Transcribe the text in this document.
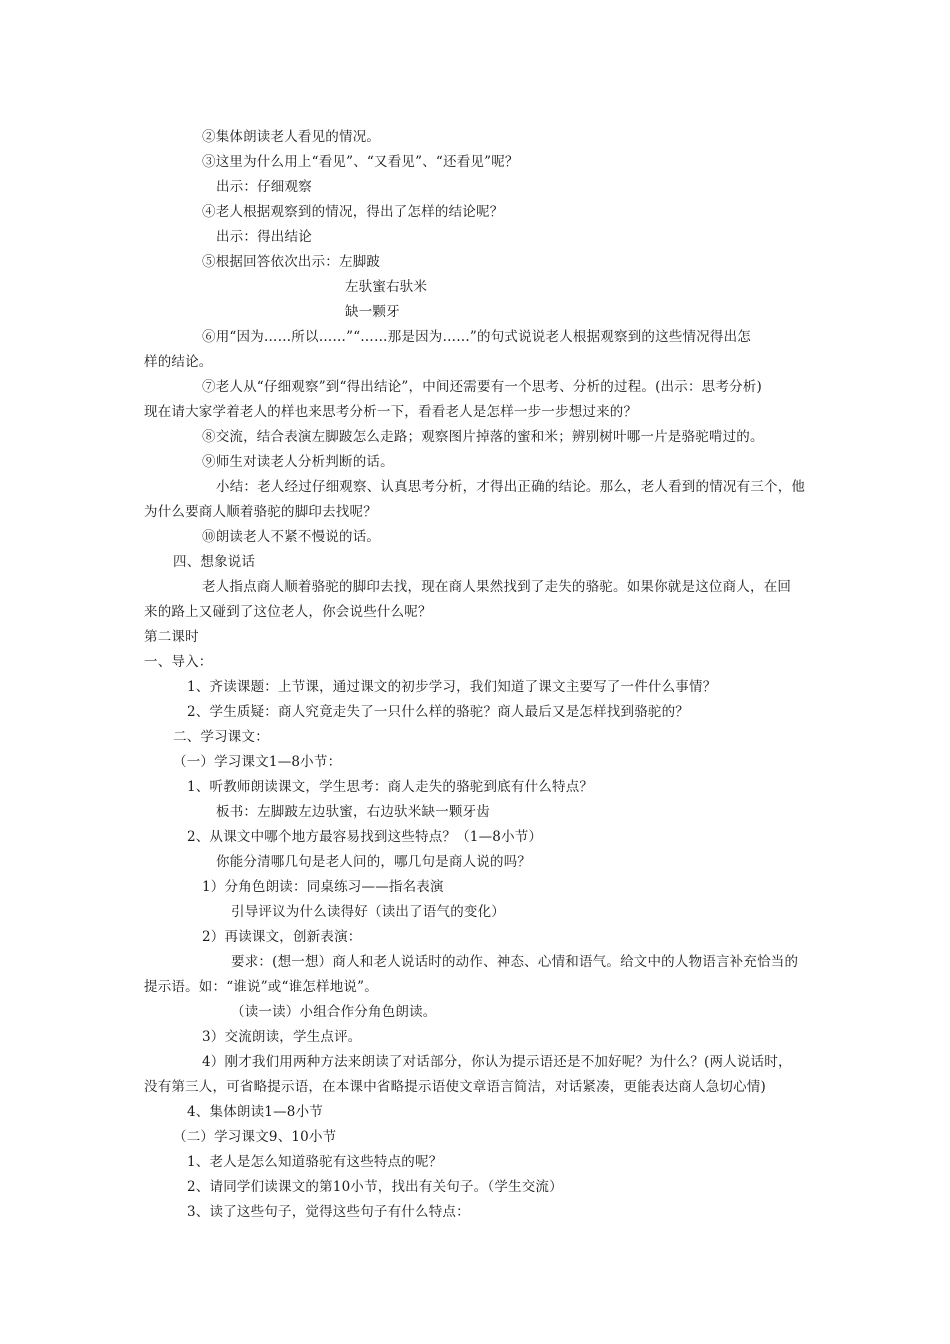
②集体朗读老人看见的情况。
③这里为什么用上“看见”、“又看见”、“还看见”呢？
出示：仔细观察
④老人根据观察到的情况，得出了怎样的结论呢？
出示：得出结论
⑤根据回答依次出示：左脚跛
左驮蜜右驮米
缺一颗牙
⑥用“因为……所以……”“……那是因为……”的句式说说老人根据观察到的这些情况得出怎
样的结论。
⑦老人从“仔细观察”到“得出结论”，中间还需要有一个思考、分析的过程。(出示：思考分析)
现在请大家学着老人的样也来思考分析一下，看看老人是怎样一步一步想过来的？
⑧交流，结合表演左脚跛怎么走路；观察图片掉落的蜜和米；辨别树叶哪一片是骆驼啃过的。
⑨师生对读老人分析判断的话。
小结：老人经过仔细观察、认真思考分析，才得出正确的结论。那么，老人看到的情况有三个，他
为什么要商人顺着骆驼的脚印去找呢？
⑩朗读老人不紧不慢说的话。
四、想象说话
老人指点商人顺着骆驼的脚印去找，现在商人果然找到了走失的骆驼。如果你就是这位商人，在回
来的路上又碰到了这位老人，你会说些什么呢？
第二课时
一、导入：
1、齐读课题：上节课，通过课文的初步学习，我们知道了课文主要写了一件什么事情？
2、学生质疑：商人究竟走失了一只什么样的骆驼？商人最后又是怎样找到骆驼的？
二、学习课文：
（一）学习课文1—8小节：
1、听教师朗读课文，学生思考：商人走失的骆驼到底有什么特点？
板书：左脚跛左边驮蜜，右边驮米缺一颗牙齿
2、从课文中哪个地方最容易找到这些特点？（1—8小节）
你能分清哪几句是老人问的，哪几句是商人说的吗？
1）分角色朗读：同桌练习——指名表演
引导评议为什么读得好（读出了语气的变化）
2）再读课文，创新表演：
要求：(想一想）商人和老人说话时的动作、神态、心情和语气。给文中的人物语言补充恰当的
提示语。如：“谁说”或“谁怎样地说”。
（读一读）小组合作分角色朗读。
3）交流朗读，学生点评。
4）刚才我们用两种方法来朗读了对话部分，你认为提示语还是不加好呢？为什么？(两人说话时，
没有第三人，可省略提示语，在本课中省略提示语使文章语言简洁，对话紧凑，更能表达商人急切心情)
4、集体朗读1—8小节
（二）学习课文9、10小节
1、老人是怎么知道骆驼有这些特点的呢？
2、请同学们读课文的第10小节，找出有关句子。（学生交流）
3、读了这些句子，觉得这些句子有什么特点：
